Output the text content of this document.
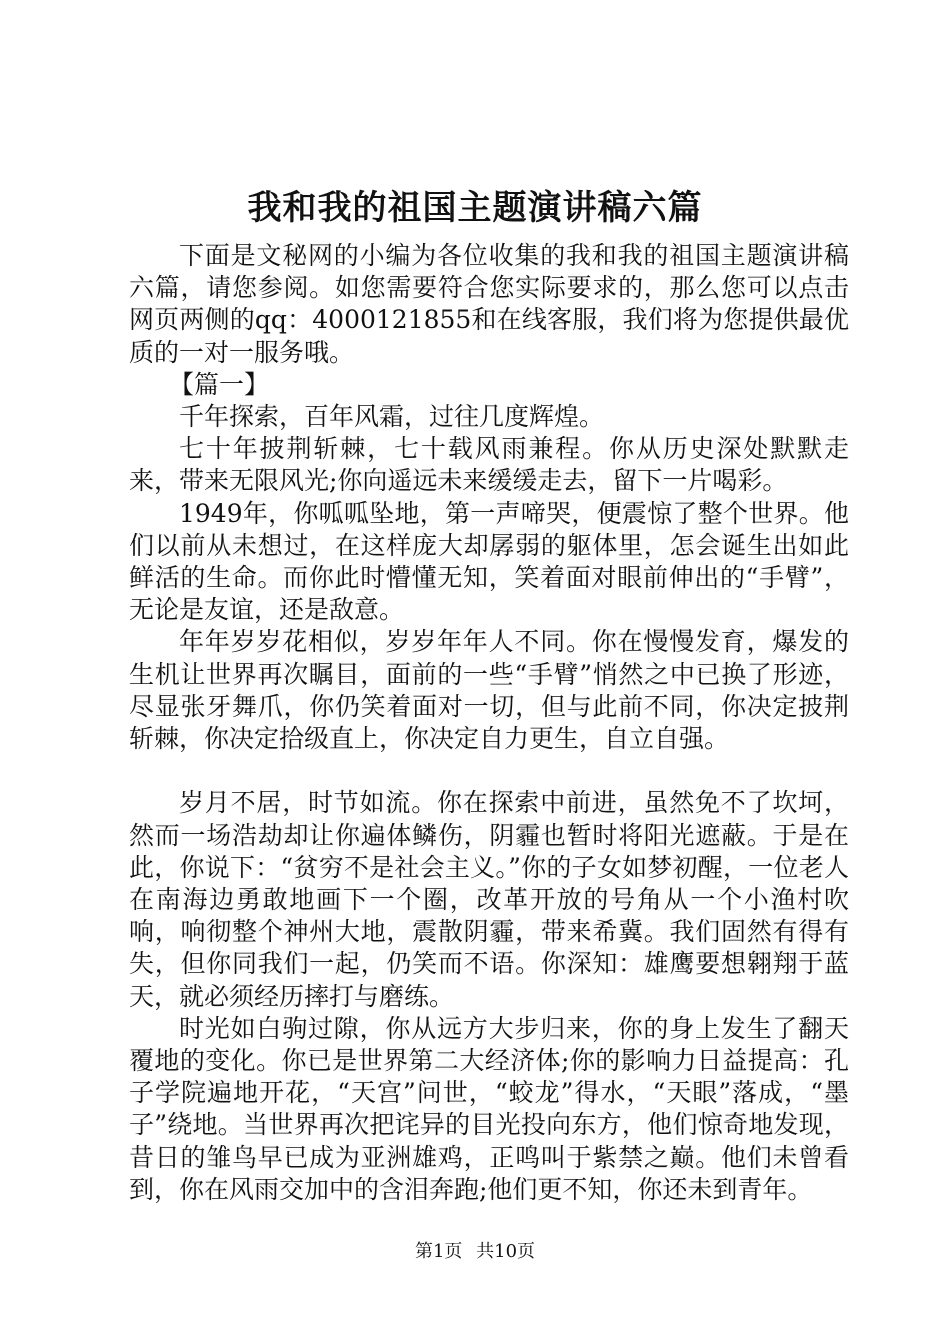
我和我的祖国主题演讲稿六篇

下面是文秘网的小编为各位收集的我和我的祖国主题演讲稿六篇，请您参阅。如您需要符合您实际要求的，那么您可以点击网页两侧的qq：4000121855和在线客服，我们将为您提供最优质的一对一服务哦。

【篇一】

千年探索，百年风霜，过往几度辉煌。

七十年披荆斩棘，七十载风雨兼程。你从历史深处默默走来，带来无限风光;你向遥远未来缓缓走去，留下一片喝彩。

1949年，你呱呱坠地，第一声啼哭，便震惊了整个世界。他们以前从未想过，在这样庞大却孱弱的躯体里，怎会诞生出如此鲜活的生命。而你此时懵懂无知，笑着面对眼前伸出的“手臂”，无论是友谊，还是敌意。

年年岁岁花相似，岁岁年年人不同。你在慢慢发育，爆发的生机让世界再次瞩目，面前的一些“手臂”悄然之中已换了形迹，尽显张牙舞爪，你仍笑着面对一切，但与此前不同，你决定披荆斩棘，你决定拾级直上，你决定自力更生，自立自强。

岁月不居，时节如流。你在探索中前进，虽然免不了坎坷，然而一场浩劫却让你遍体鳞伤，阴霾也暂时将阳光遮蔽。于是在此，你说下：“贫穷不是社会主义。”你的子女如梦初醒，一位老人在南海边勇敢地画下一个圈，改革开放的号角从一个小渔村吹响，响彻整个神州大地，震散阴霾，带来希冀。我们固然有得有失，但你同我们一起，仍笑而不语。你深知：雄鹰要想翱翔于蓝天，就必须经历摔打与磨练。

时光如白驹过隙，你从远方大步归来，你的身上发生了翻天覆地的变化。你已是世界第二大经济体;你的影响力日益提高：孔子学院遍地开花，“天宫”问世，“蛟龙”得水，“天眼”落成，“墨子”绕地。当世界再次把诧异的目光投向东方，他们惊奇地发现，昔日的雏鸟早已成为亚洲雄鸡，正鸣叫于紫禁之巅。他们未曾看到，你在风雨交加中的含泪奔跑;他们更不知，你还未到青年。

第1页 共10页
